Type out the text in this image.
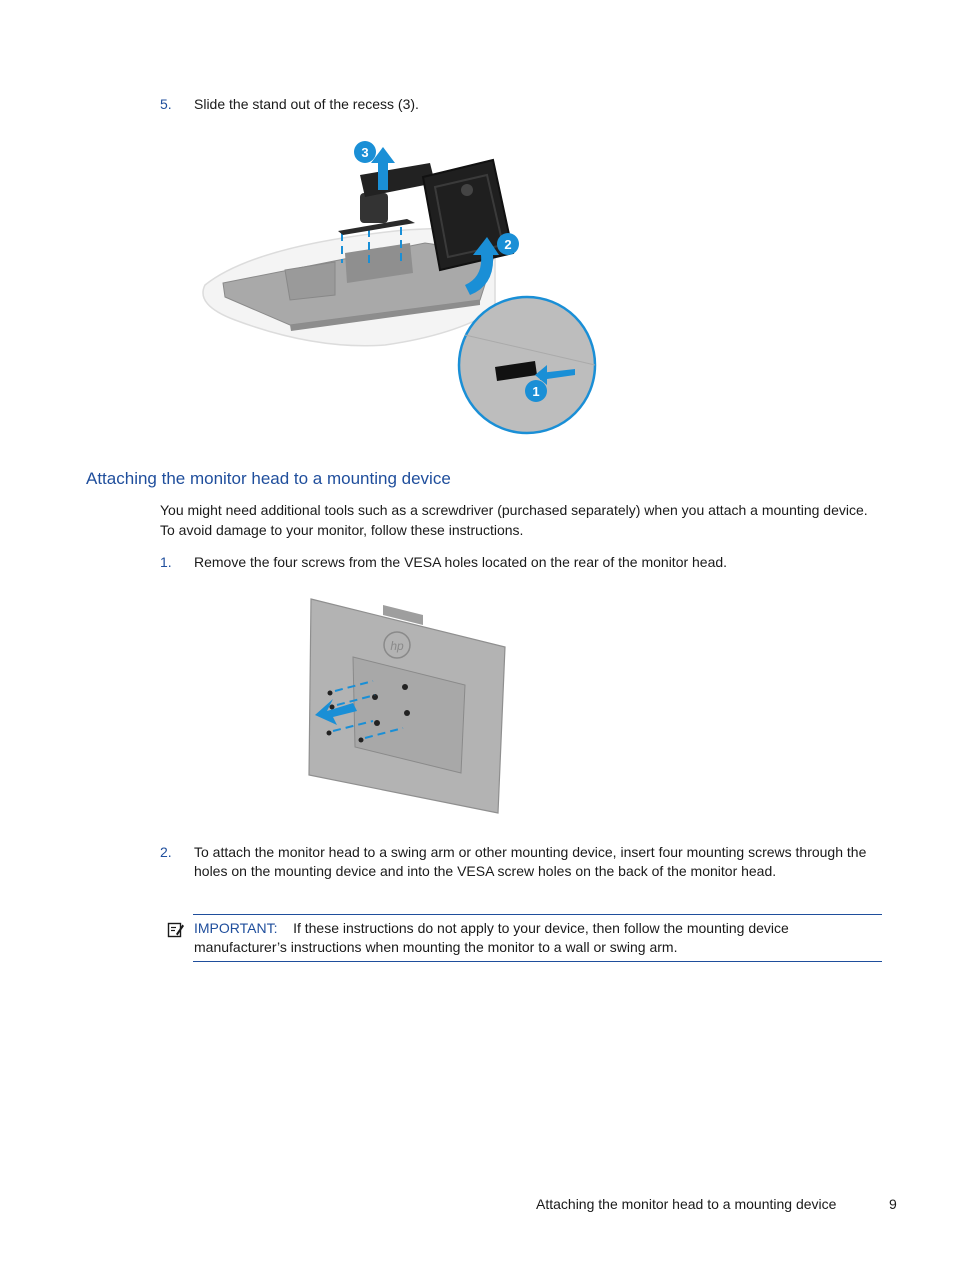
5. Slide the stand out of the recess (3).
3
2
1
Attaching the monitor head to a mounting device
You might need additional tools such as a screwdriver (purchased separately) when you attach a mounting device. To avoid damage to your monitor, follow these instructions.
1. Remove the four screws from the VESA holes located on the rear of the monitor head.
hp
2. To attach the monitor head to a swing arm or other mounting device, insert four mounting screws through the holes on the mounting device and into the VESA screw holes on the back of the monitor head.
IMPORTANT: If these instructions do not apply to your device, then follow the mounting device manufacturer’s instructions when mounting the monitor to a wall or swing arm.
Attaching the monitor head to a mounting device	9
